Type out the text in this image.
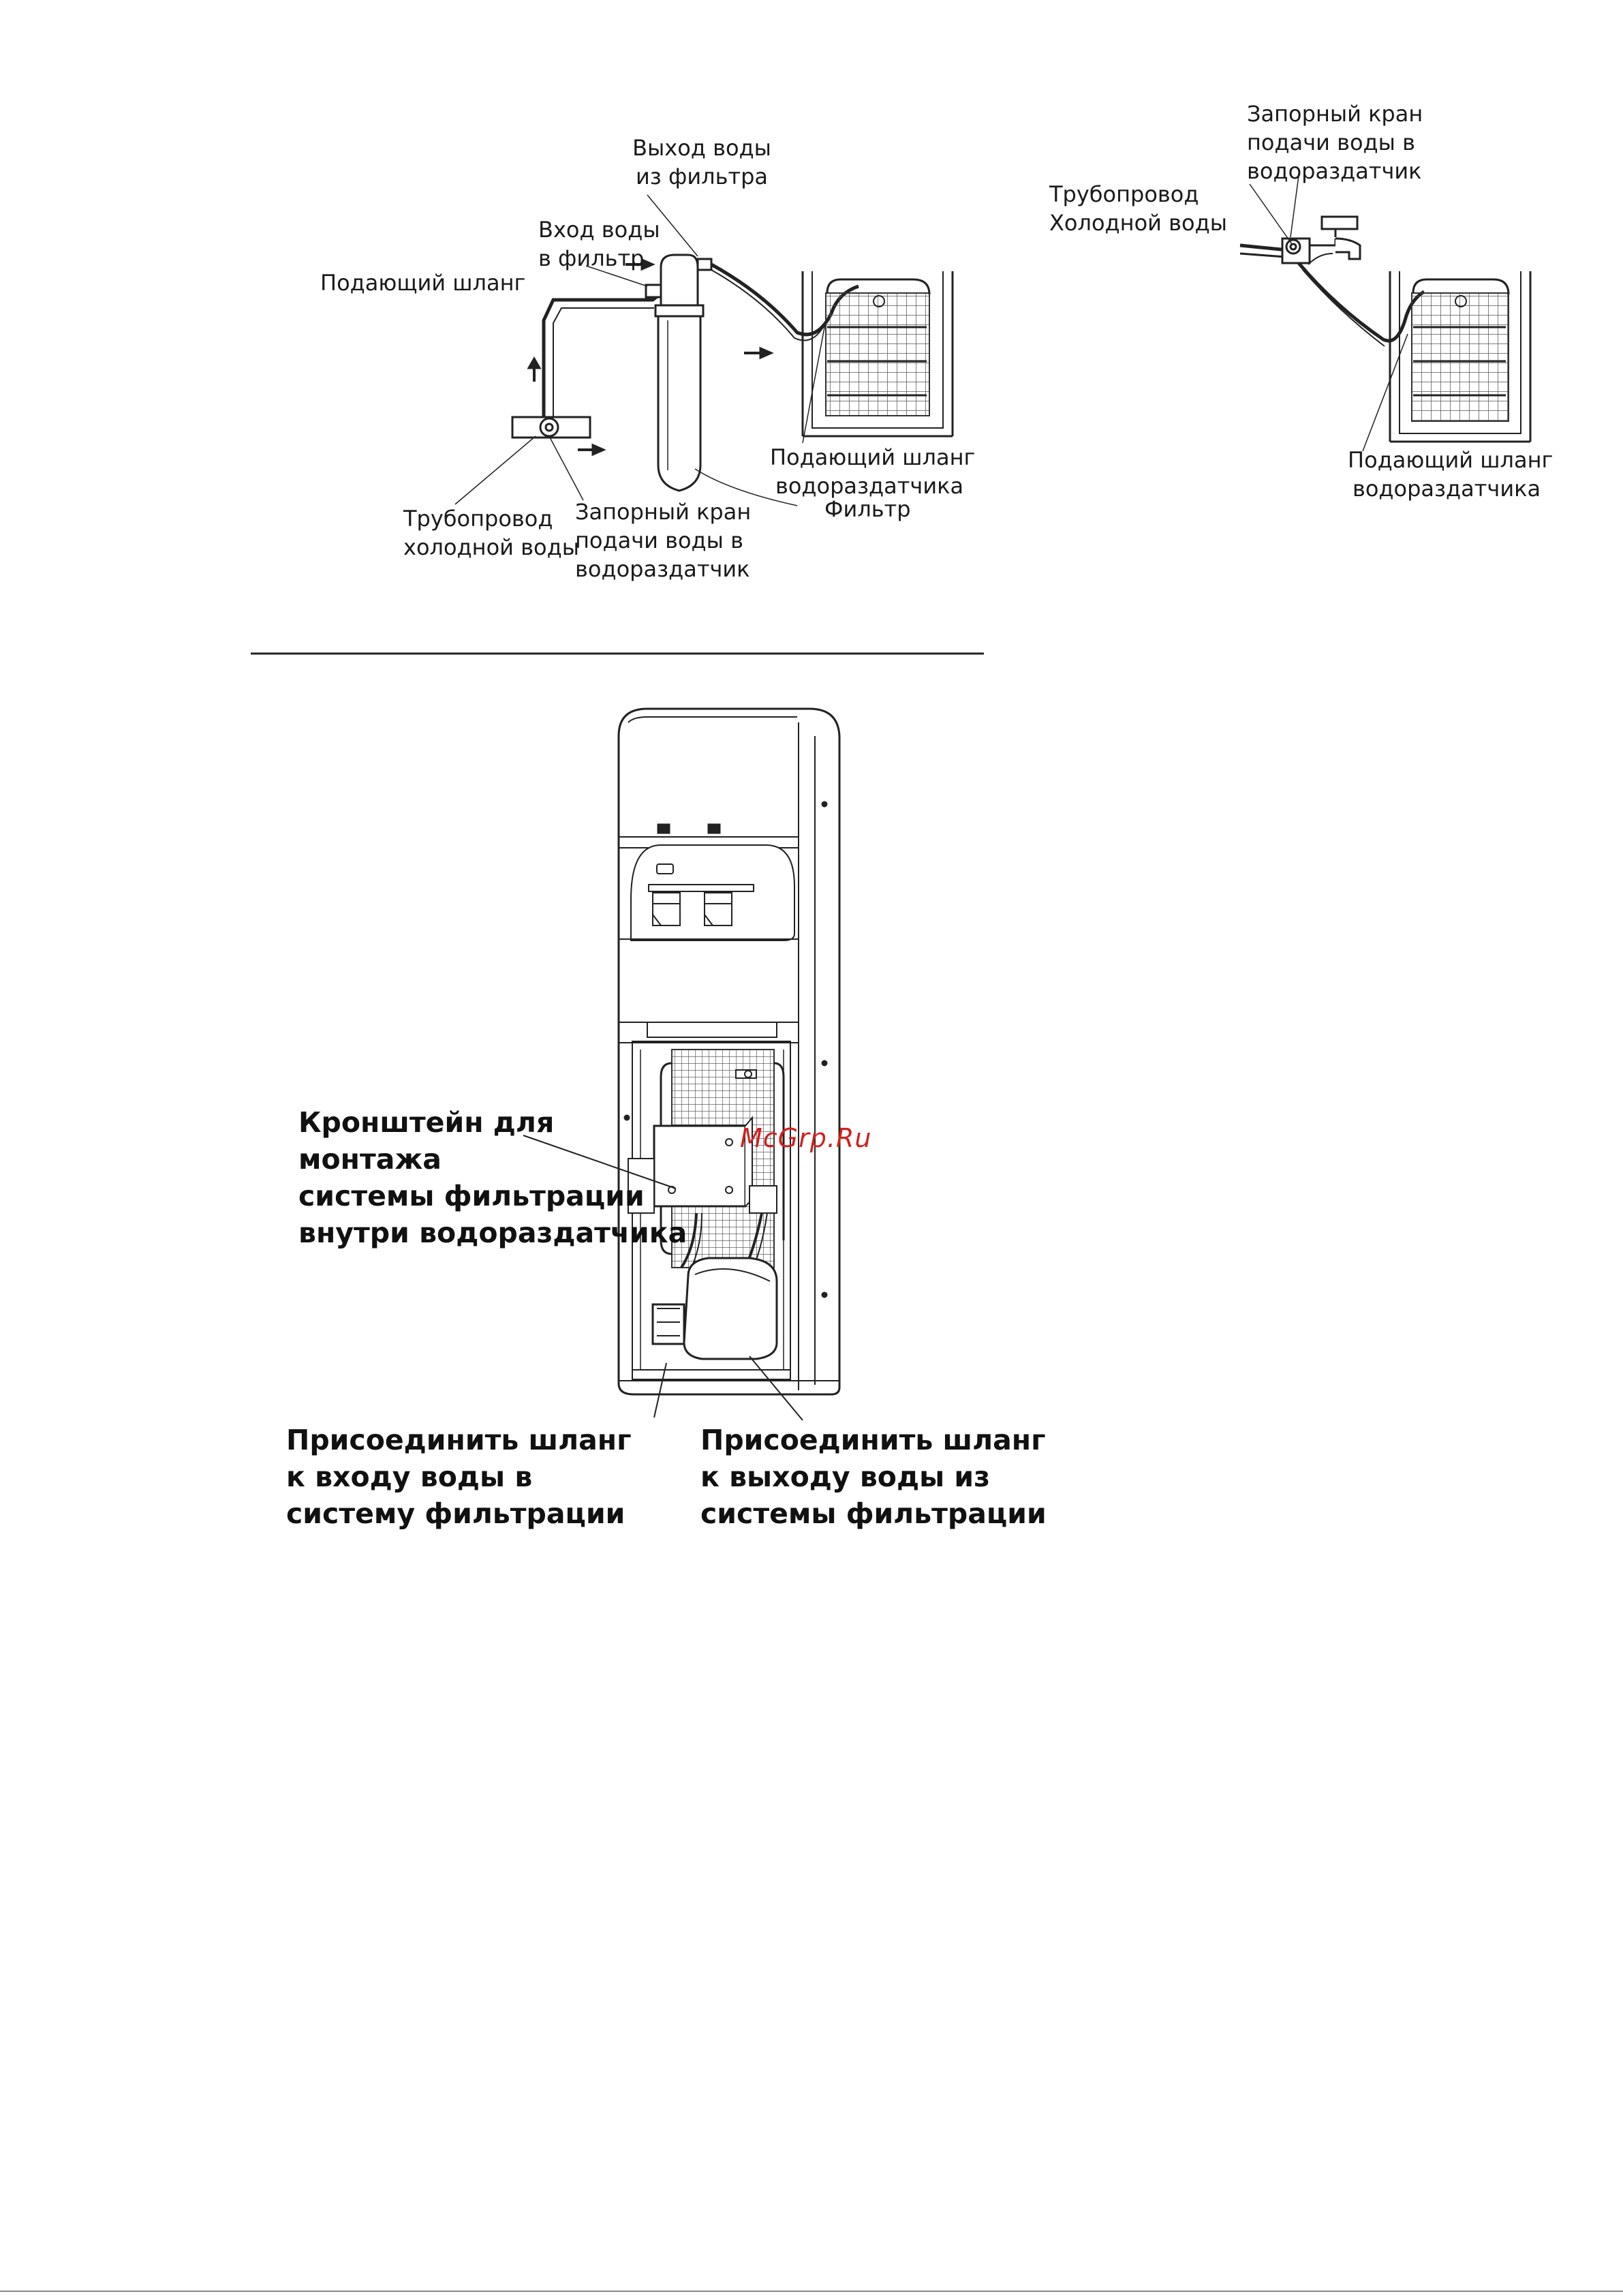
Выход воды
из фильтра
Вход воды
в фильтр
Подающий шланг
Подающий шланг
водораздатчика
Фильтр
Трубопровод
холодной воды
Запорный кран
подачи воды в
водораздатчик
Запорный кран
подачи воды в
водораздатчик
Трубопровод
Холодной воды
Подающий шланг
водораздатчика
Кронштейн для
монтажа
системы фильтрации
внутри водораздатчика
Присоединить шланг
к входу воды в
систему фильтрации
Присоединить шланг
к выходу воды из
системы фильтрации
McGrp.Ru
